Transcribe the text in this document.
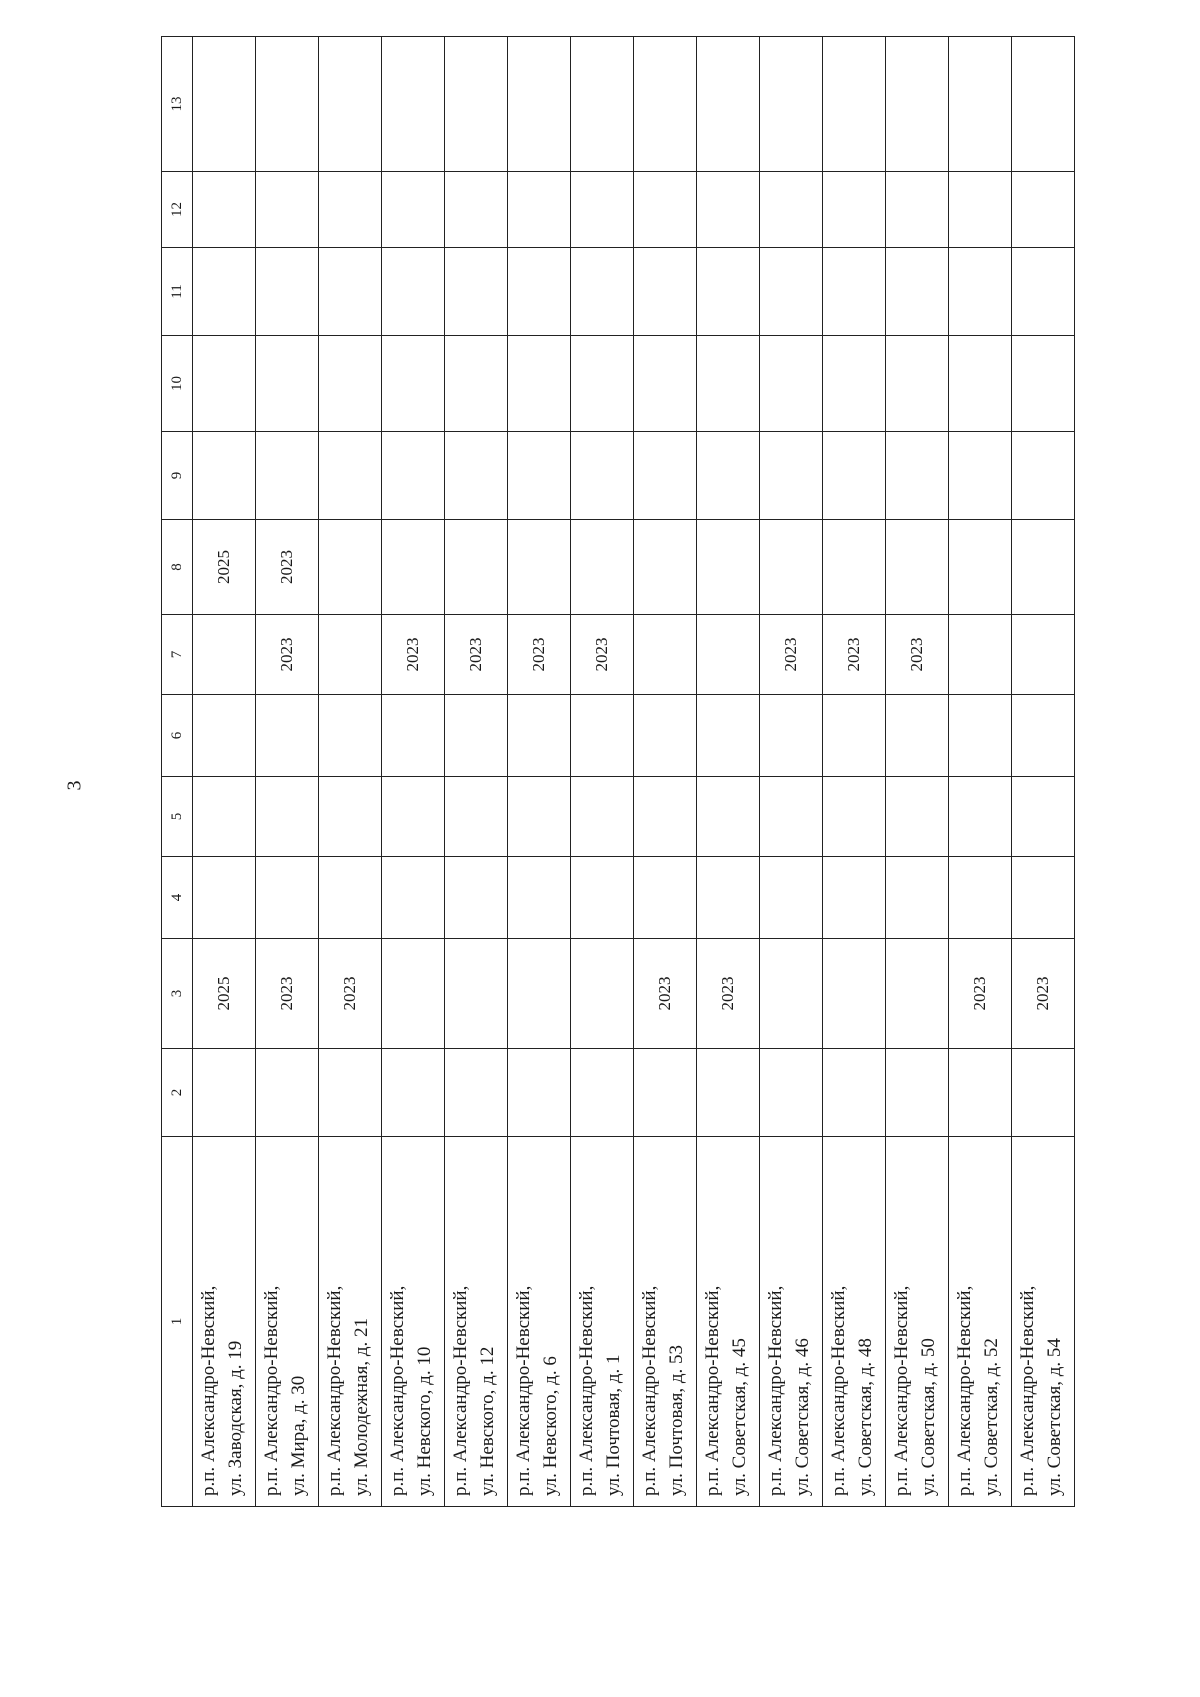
3
1	2	3	4	5	6	7	8	9	10	11	12	13

р.п. Александро-Невский, ул. Заводская, д. 19		2025					2025					

р.п. Александро-Невский, ул. Мира, д. 30		2023				2023	2023					

р.п. Александро-Невский, ул. Молодежная, д. 21		2023										

р.п. Александро-Невский, ул. Невского, д. 10						2023						

р.п. Александро-Невский, ул. Невского, д. 12						2023						

р.п. Александро-Невский, ул. Невского, д. 6						2023						

р.п. Александро-Невский, ул. Почтовая, д. 1						2023						

р.п. Александро-Невский, ул. Почтовая, д. 53		2023										

р.п. Александро-Невский, ул. Советская, д. 45		2023										

р.п. Александро-Невский, ул. Советская, д. 46						2023						

р.п. Александро-Невский, ул. Советская, д. 48						2023						

р.п. Александро-Невский, ул. Советская, д. 50						2023						

р.п. Александро-Невский, ул. Советская, д. 52		2023										

р.п. Александро-Невский, ул. Советская, д. 54		2023										
